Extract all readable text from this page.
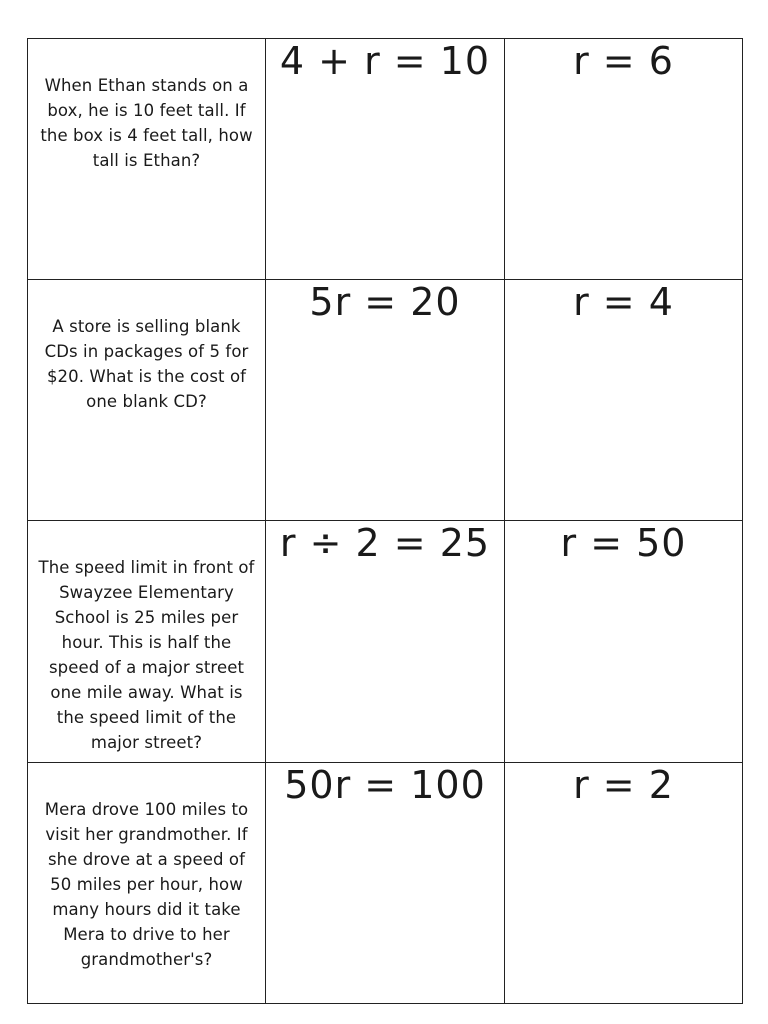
When Ethan stands on a box, he is 10 feet tall. If the box is 4 feet tall, how tall is Ethan?
4 + r = 10 r = 6
A store is selling blank CDs in packages of 5 for $20. What is the cost of one blank CD?
5r = 20	r = 4
The speed limit in front of Swayzee Elementary School is 25 miles per hour. This is half the speed of a major street one mile away. What is the speed limit of the major street?
r ÷ 2 = 25 r = 50
Mera drove 100 miles to visit her grandmother. If she drove at a speed of 50 miles per hour, how many hours did it take Mera to drive to her grandmother's?
50r = 100 r = 2
